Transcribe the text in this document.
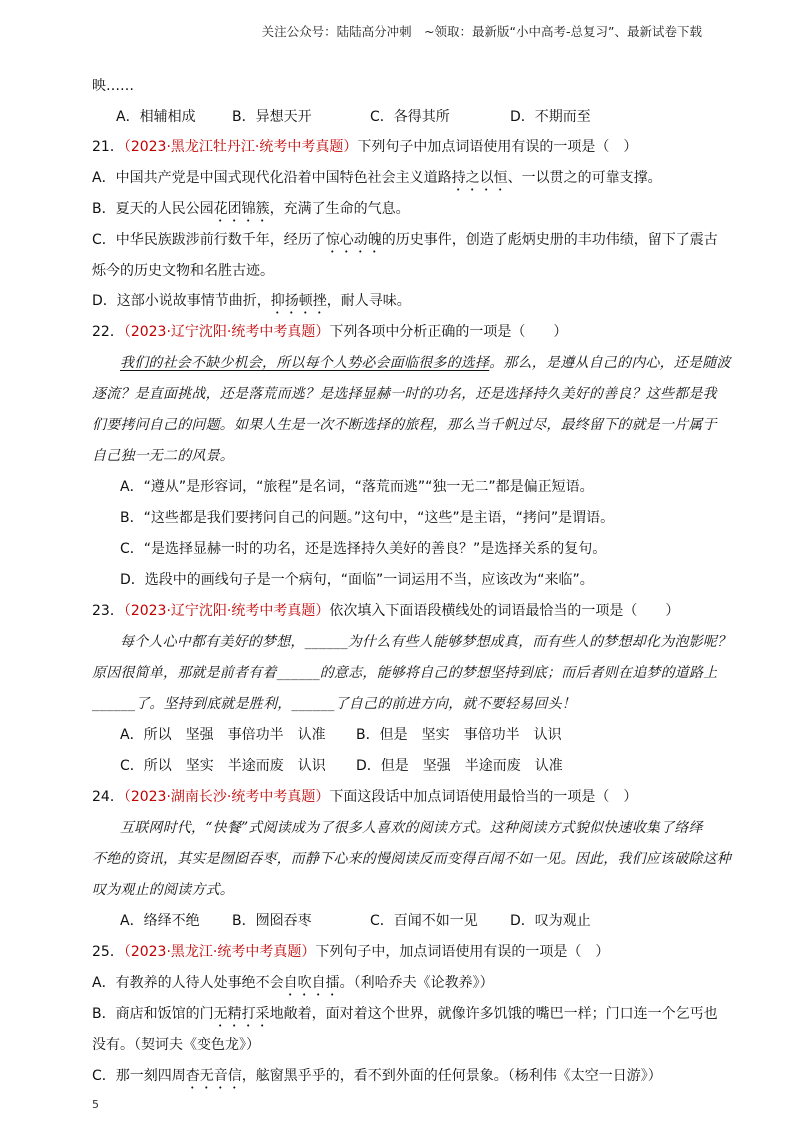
关注公众号：陆陆高分冲刺　~领取：最新版“小中高考-总复习”、最新试卷下载
映……
A．相辅相成	B．异想天开	C．各得其所	D．不期而至
21．（2023·黑龙江牡丹江·统考中考真题）下列句子中加点词语使用有误的一项是（　）
A．中国共产党是中国式现代化沿着中国特色社会主义道路持之以恒、一以贯之的可靠支撑。
B．夏天的人民公园花团锦簇，充满了生命的气息。
C．中华民族跋涉前行数千年，经历了惊心动魄的历史事件，创造了彪炳史册的丰功伟绩，留下了震古
烁今的历史文物和名胜古迹。
D．这部小说故事情节曲折，抑扬顿挫，耐人寻味。
22．（2023·辽宁沈阳·统考中考真题）下列各项中分析正确的一项是（　　）
我们的社会不缺少机会，所以每个人势必会面临很多的选择。那么，是遵从自己的内心，还是随波
逐流？是直面挑战，还是落荒而逃？是选择显赫一时的功名，还是选择持久美好的善良？这些都是我
们要拷问自己的问题。如果人生是一次不断选择的旅程，那么当千帆过尽，最终留下的就是一片属于
自己独一无二的风景。
A．“遵从”是形容词，“旅程”是名词，“落荒而逃”“独一无二”都是偏正短语。
B．“这些都是我们要拷问自己的问题。”这句中，“这些”是主语，“拷问”是谓语。
C．“是选择显赫一时的功名，还是选择持久美好的善良？”是选择关系的复句。
D．选段中的画线句子是一个病句，“面临”一词运用不当，应该改为“来临”。
23．（2023·辽宁沈阳·统考中考真题）依次填入下面语段横线处的词语最恰当的一项是（　　）
每个人心中都有美好的梦想，______为什么有些人能够梦想成真，而有些人的梦想却化为泡影呢？
原因很简单，那就是前者有着______的意志，能够将自己的梦想坚持到底；而后者则在追梦的道路上
______了。坚持到底就是胜利，______了自己的前进方向，就不要轻易回头！
A．所以　坚强　事倍功半　认准 B．但是　坚实　事倍功半　认识
C．所以　坚实　半途而废　认识 D．但是　坚强　半途而废　认准
24．（2023·湖南长沙·统考中考真题）下面这段话中加点词语使用最恰当的一项是（　）
互联网时代，“快餐”式阅读成为了很多人喜欢的阅读方式。这种阅读方式貌似快速收集了络绎
不绝的资讯，其实是囫囵吞枣，而静下心来的慢阅读反而变得百闻不如一见。因此，我们应该破除这种
叹为观止的阅读方式。
A．络绎不绝 B．囫囵吞枣	C．百闻不如一见 D．叹为观止
25．（2023·黑龙江·统考中考真题）下列句子中，加点词语使用有误的一项是（　）
A．有教养的人待人处事绝不会自吹自擂。（利哈乔夫《论教养》）
B．商店和饭馆的门无精打采地敞着，面对着这个世界，就像许多饥饿的嘴巴一样；门口连一个乞丐也
没有。（契诃夫《变色龙》）
C．那一刻四周杳无音信，舷窗黑乎乎的，看不到外面的任何景象。（杨利伟《太空一日游》）
5
